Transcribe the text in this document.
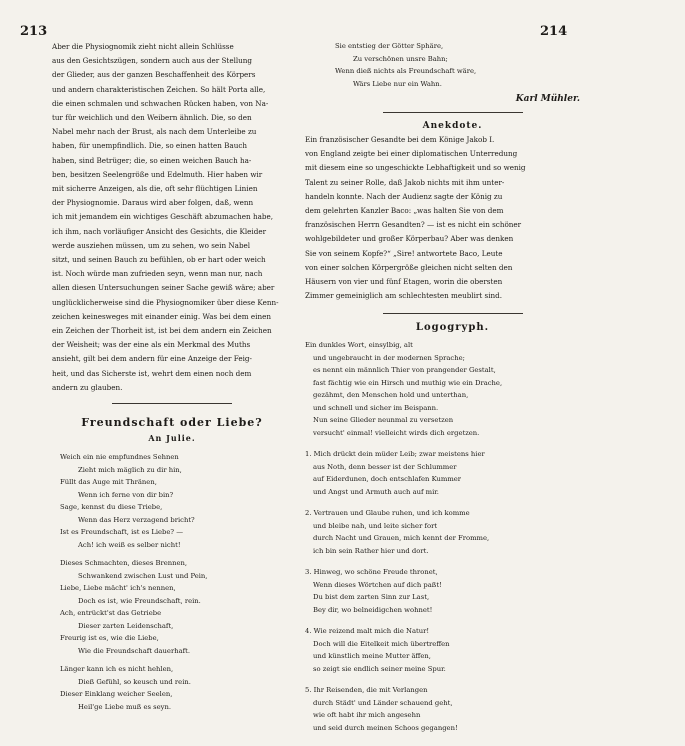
213	214
Aber die Physiognomik zieht nicht allein Schlüsse
aus den Gesichtszügen, sondern auch aus der Stellung
der Glieder, aus der ganzen Beschaffenheit des Körpers
und andern charakteristischen Zeichen. So hält Porta alle,
die einen schmalen und schwachen Rücken haben, von Na-
tur für weichlich und den Weibern ähnlich. Die, so den
Nabel mehr nach der Brust, als nach dem Unterleibe zu
haben, für unempfindlich. Die, so einen hatten Bauch
haben, sind Betrüger; die, so einen weichen Bauch ha-
ben, besitzen Seelengröße und Edelmuth. Hier haben wir
mit sicherre Anzeigen, als die, oft sehr flüchtigen Linien
der Physiognomie. Daraus wird aber folgen, daß, wenn
ich mit jemandem ein wichtiges Geschäft abzumachen habe,
ich ihm, nach vorläufiger Ansicht des Gesichts, die Kleider
werde ausziehen müssen, um zu sehen, wo sein Nabel
sitzt, und seinen Bauch zu befühlen, ob er hart oder weich
ist. Noch würde man zufrieden seyn, wenn man nur, nach
allen diesen Untersuchungen seiner Sache gewiß wäre; aber
unglücklicherweise sind die Physiognomiker über diese Kenn-
zeichen keinesweges mit einander einig. Was bei dem einen
ein Zeichen der Thorheit ist, ist bei dem andern ein Zeichen
der Weisheit; was der eine als ein Merkmal des Muths
ansieht, gilt bei dem andern für eine Anzeige der Feig-
heit, und das Sicherste ist, wehrt dem einen noch dem
andern zu glauben.
Freundschaft oder Liebe?
An Julie.
Weich ein nie empfundnes Sehnen
Zieht mich mäglich zu dir hin,
Füllt das Auge mit Thränen,
Wenn ich ferne von dir bin?
Sage, kennst du diese Triebe,
Wenn das Herz verzagend bricht?
Ist es Freundschaft, ist es Liebe? —
Ach! ich weiß es selber nicht!
Dieses Schmachten, dieses Brennen,
Schwankend zwischen Lust und Pein,
Liebe, Liebe mächt' ich's nennen,
Doch es ist, wie Freundschaft, rein.
Ach, entrückt'st das Getriebe
Dieser zarten Leidenschaft,
Freurig ist es, wie die Liebe,
Wie die Freundschaft dauerhaft.
Länger kann ich es nicht hehlen,
Dieß Gefühl, so keusch und rein.
Dieser Einklang weicher Seelen,
Heil'ge Liebe muß es seyn.
Sie entstieg der Götter Sphäre,
Zu verschönen unsre Bahn;
Wenn dieß nichts als Freundschaft wäre,
Wärs Liebe nur ein Wahn.
Karl Mühler.
Anekdote.
Ein französischer Gesandte bei dem Könige Jakob I.
von England zeigte bei einer diplomatischen Unterredung
mit diesem eine so ungeschickte Lebhaftigkeit und so wenig
Talent zu seiner Rolle, daß Jakob nichts mit ihm unter-
handeln konnte. Nach der Audienz sagte der König zu
dem gelehrten Kanzler Baco: „was halten Sie von dem
französischen Herrn Gesandten? — ist es nicht ein schöner
wohlgebildeter und großer Körperbau? Aber was denken
Sie von seinem Kopfe?“ „Sire! antwortete Baco, Leute
von einer solchen Körpergröße gleichen nicht selten den
Häusern von vier und fünf Etagen, worin die obersten
Zimmer gemeiniglich am schlechtesten meublirt sind.
Logogryph.
Ein dunkles Wort, einsylbig, alt
und ungebraucht in der modernen Sprache;
es nennt ein männlich Thier von prangender Gestalt,
fast fächtig wie ein Hirsch und muthig wie ein Drache,
gezähmt, den Menschen hold und unterthan,
und schnell und sicher im Beispann.
Nun seine Glieder neunmal zu versetzen
versucht' einmal! vielleicht wirds dich ergetzen.
1. Mich drückt dein müder Leib; zwar meistens hier
aus Noth, denn besser ist der Schlummer
auf Eiderdunen, doch entschlafen Kummer
und Angst und Armuth auch auf mir.
2. Vertrauen und Glaube ruhen, und ich komme
und bleibe nah, und leite sicher fort
durch Nacht und Grauen, mich kennt der Fromme,
ich bin sein Rather hier und dort.
3. Hinweg, wo schöne Freude thronet,
Wenn dieses Wörtchen auf dich paßt!
Du bist dem zarten Sinn zur Last,
Bey dir, wo belneidigchen wohnet!
4. Wie reizend malt mich die Natur!
Doch will die Eitelkeit mich übertreffen
und künstlich meine Mutter äffen,
so zeigt sie endlich seiner meine Spur.
5. Ihr Reisenden, die mit Verlangen
durch Städt' und Länder schauend geht,
wie oft habt ihr mich angesehn
und seid durch meinen Schoos gegangen!
